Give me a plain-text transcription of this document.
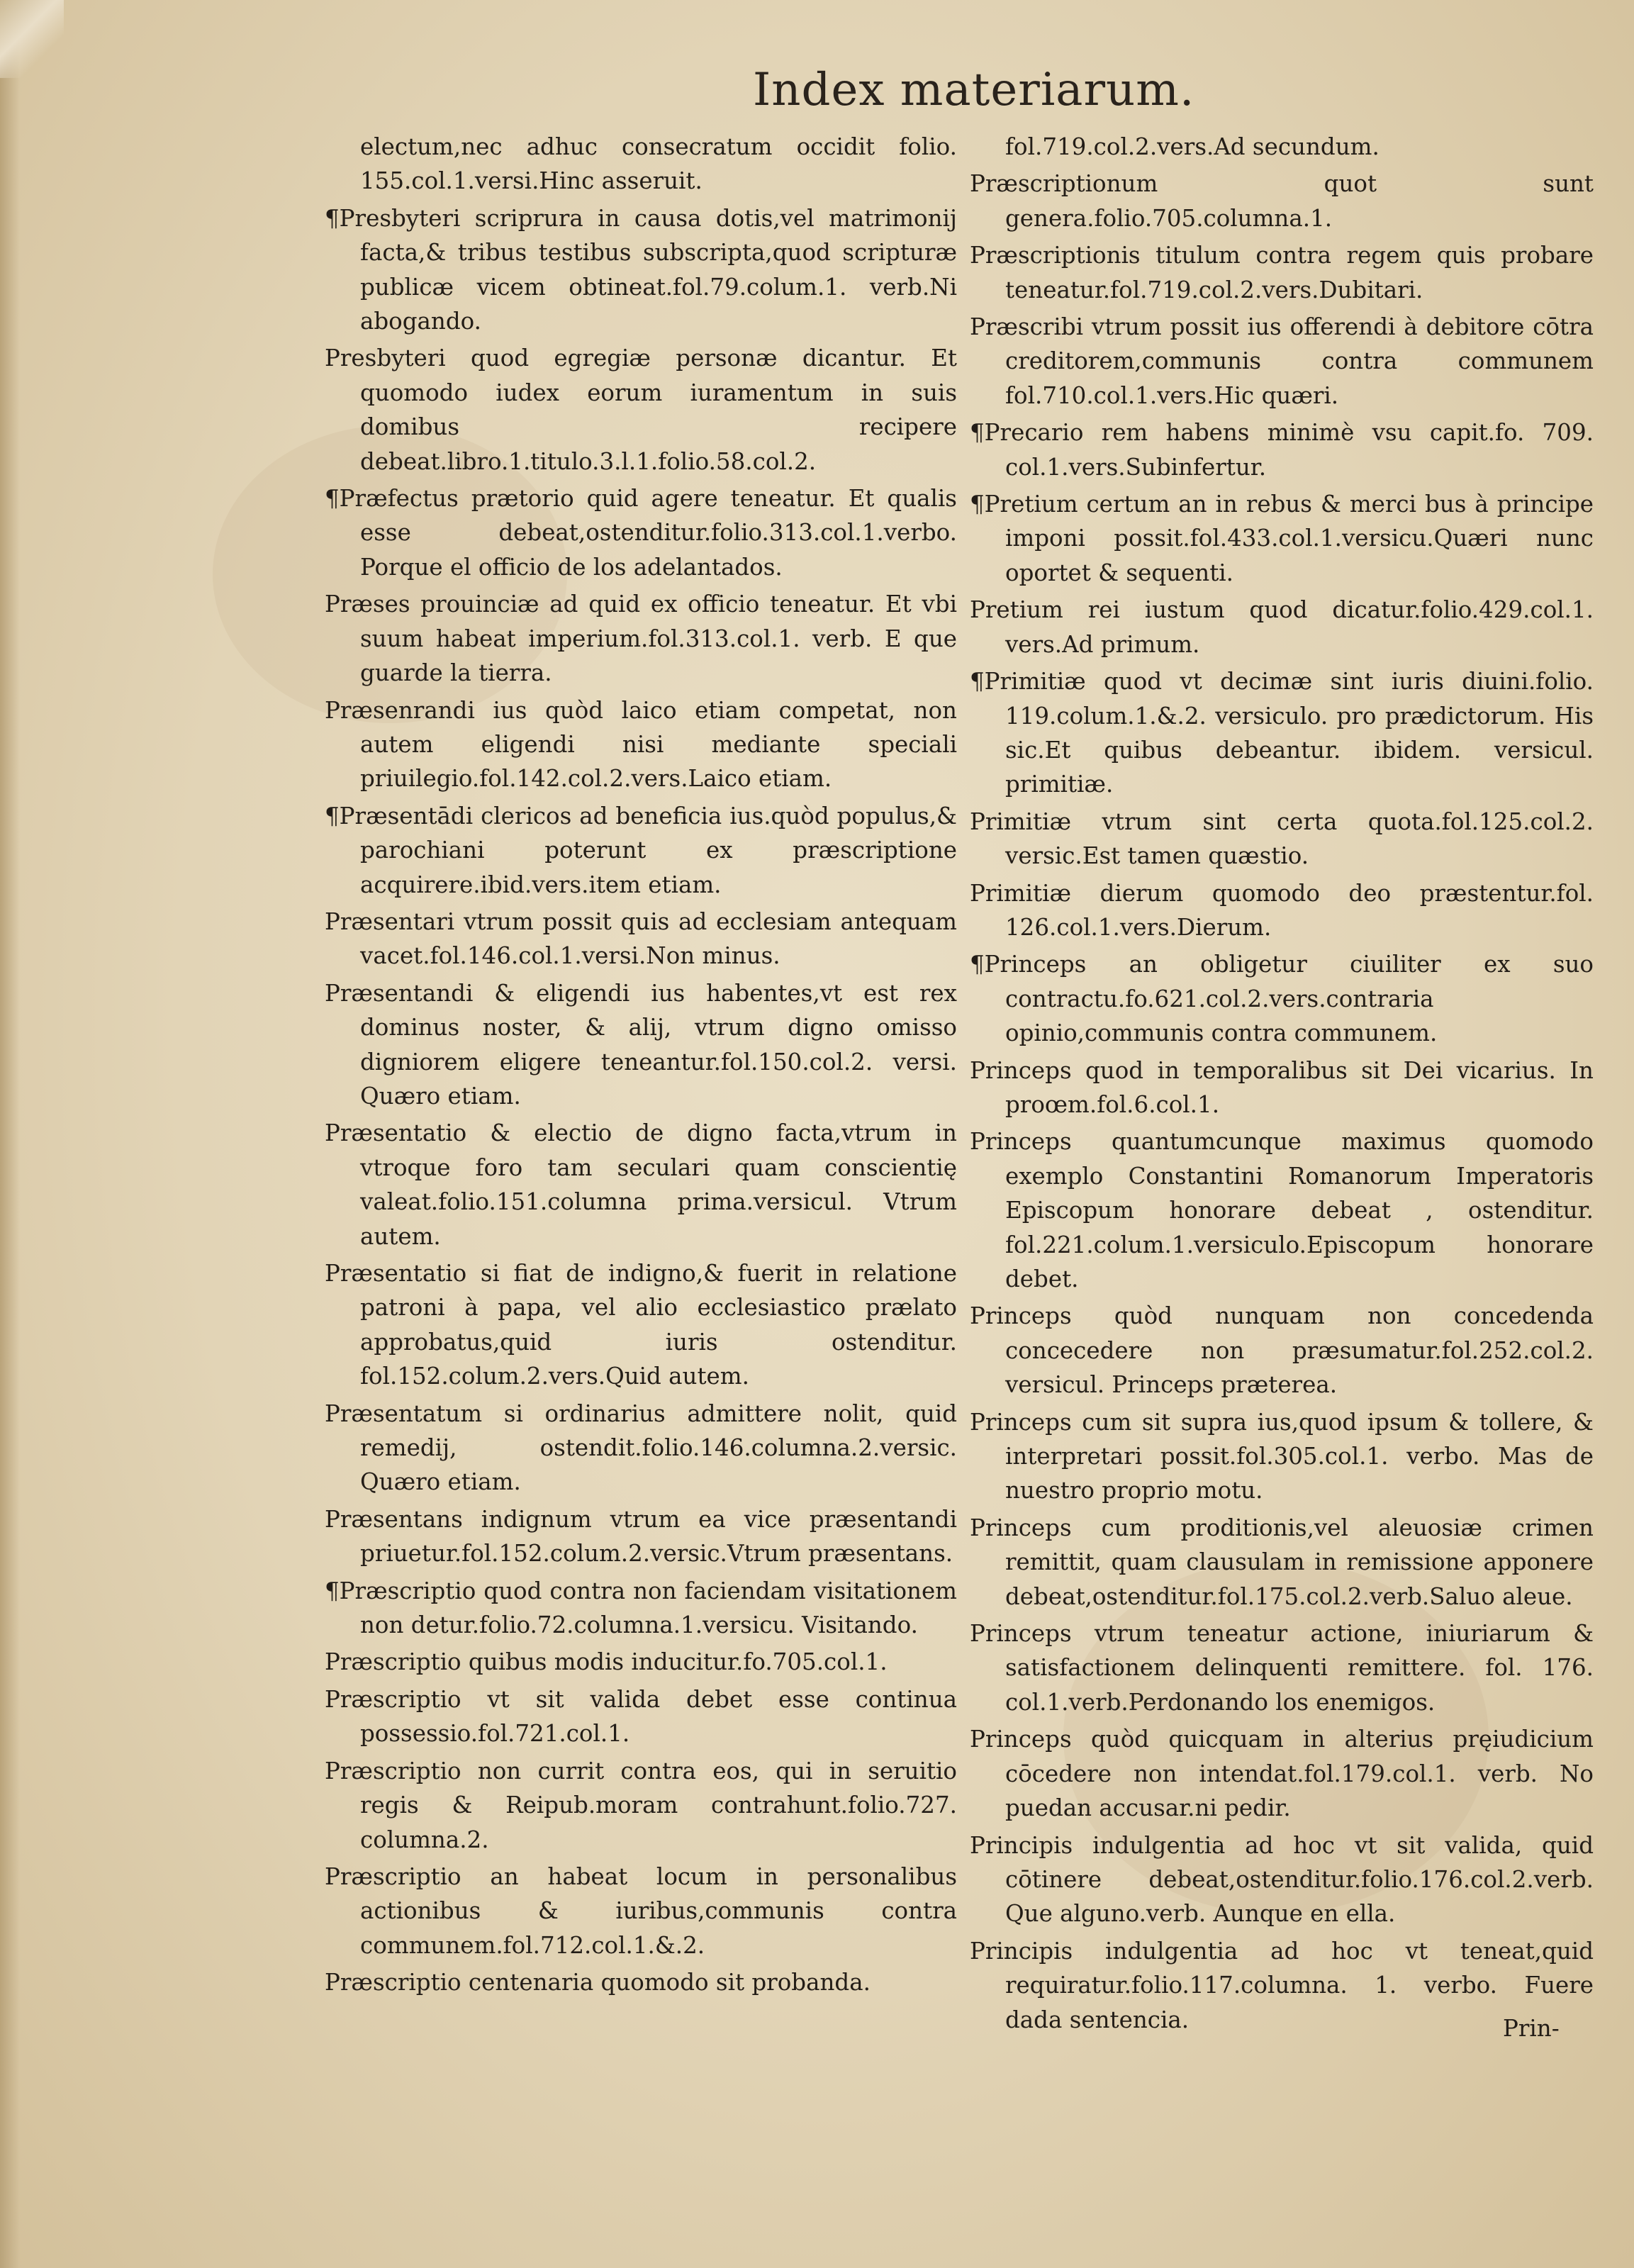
Index materiarum.
electum,nec adhuc consecratum occidit folio. 155.col.1.versi.Hinc asseruit.
¶Presbyteri scriprura in causa dotis,vel matrimonij facta,& tribus testibus subscripta,quod scripturæ publicæ vicem obtineat.fol.79.colum.1. verb.Ni abogando.
Presbyteri quod egregiæ personæ dicantur. Et quomodo iudex eorum iuramentum in suis domibus recipere debeat.libro.1.titulo.3.l.1.folio.58.col.2.
¶Præfectus prætorio quid agere teneatur. Et qualis esse debeat,ostenditur.folio.313.col.1.verbo. Porque el officio de los adelantados.
Præses prouinciæ ad quid ex officio teneatur. Et vbi suum habeat imperium.fol.313.col.1. verb. E que guarde la tierra.
Præsenrandi ius quòd laico etiam competat, non autem eligendi nisi mediante speciali priuilegio.fol.142.col.2.vers.Laico etiam.
¶Præsentādi clericos ad beneficia ius.quòd populus,& parochiani poterunt ex præscriptione acquirere.ibid.vers.item etiam.
Præsentari vtrum possit quis ad ecclesiam antequam vacet.fol.146.col.1.versi.Non minus.
Præsentandi & eligendi ius habentes,vt est rex dominus noster, & alij, vtrum digno omisso digniorem eligere teneantur.fol.150.col.2. versi. Quæro etiam.
Præsentatio & electio de digno facta,vtrum in vtroque foro tam seculari quam conscientię valeat.folio.151.columna prima.versicul. Vtrum autem.
Præsentatio si fiat de indigno,& fuerit in relatione patroni à papa, vel alio ecclesiastico prælato approbatus,quid iuris ostenditur. fol.152.colum.2.vers.Quid autem.
Præsentatum si ordinarius admittere nolit, quid remedij, ostendit.folio.146.columna.2.versic. Quæro etiam.
Præsentans indignum vtrum ea vice præsentandi priuetur.fol.152.colum.2.versic.Vtrum præsentans.
¶Præscriptio quod contra non faciendam visitationem non detur.folio.72.columna.1.versicu. Visitando.
Præscriptio quibus modis inducitur.fo.705.col.1.
Præscriptio vt sit valida debet esse continua possessio.fol.721.col.1.
Præscriptio non currit contra eos, qui in seruitio regis & Reipub.moram contrahunt.folio.727. columna.2.
Præscriptio an habeat locum in personalibus actionibus & iuribus,communis contra communem.fol.712.col.1.&.2.
Præscriptio centenaria quomodo sit probanda.
fol.719.col.2.vers.Ad secundum.
Præscriptionum quot sunt genera.folio.705.columna.1.
Præscriptionis titulum contra regem quis probare teneatur.fol.719.col.2.vers.Dubitari.
Præscribi vtrum possit ius offerendi à debitore cōtra creditorem,communis contra communem fol.710.col.1.vers.Hic quæri.
¶Precario rem habens minimè vsu capit.fo. 709. col.1.vers.Subinfertur.
¶Pretium certum an in rebus & merci bus à principe imponi possit.fol.433.col.1.versicu.Quæri nunc oportet & sequenti.
Pretium rei iustum quod dicatur.folio.429.col.1. vers.Ad primum.
¶Primitiæ quod vt decimæ sint iuris diuini.folio. 119.colum.1.&.2. versiculo. pro prædictorum. His sic.Et quibus debeantur. ibidem. versicul. primitiæ.
Primitiæ vtrum sint certa quota.fol.125.col.2. versic.Est tamen quæstio.
Primitiæ dierum quomodo deo præstentur.fol. 126.col.1.vers.Dierum.
¶Princeps an obligetur ciuiliter ex suo contractu.fo.621.col.2.vers.contraria opinio,communis contra communem.
Princeps quod in temporalibus sit Dei vicarius. In proœm.fol.6.col.1.
Princeps quantumcunque maximus quomodo exemplo Constantini Romanorum Imperatoris Episcopum honorare debeat , ostenditur. fol.221.colum.1.versiculo.Episcopum honorare debet.
Princeps quòd nunquam non concedenda concecedere non præsumatur.fol.252.col.2. versicul. Princeps præterea.
Princeps cum sit supra ius,quod ipsum & tollere, & interpretari possit.fol.305.col.1. verbo. Mas de nuestro proprio motu.
Princeps cum proditionis,vel aleuosiæ crimen remittit, quam clausulam in remissione apponere debeat,ostenditur.fol.175.col.2.verb.Saluo aleue.
Princeps vtrum teneatur actione, iniuriarum & satisfactionem delinquenti remittere. fol. 176. col.1.verb.Perdonando los enemigos.
Princeps quòd quicquam in alterius pręiudicium cōcedere non intendat.fol.179.col.1. verb. No puedan accusar.ni pedir.
Principis indulgentia ad hoc vt sit valida, quid cōtinere debeat,ostenditur.folio.176.col.2.verb. Que alguno.verb. Aunque en ella.
Principis indulgentia ad hoc vt teneat,quid requiratur.folio.117.columna. 1. verbo. Fuere dada sentencia.	Prin-
